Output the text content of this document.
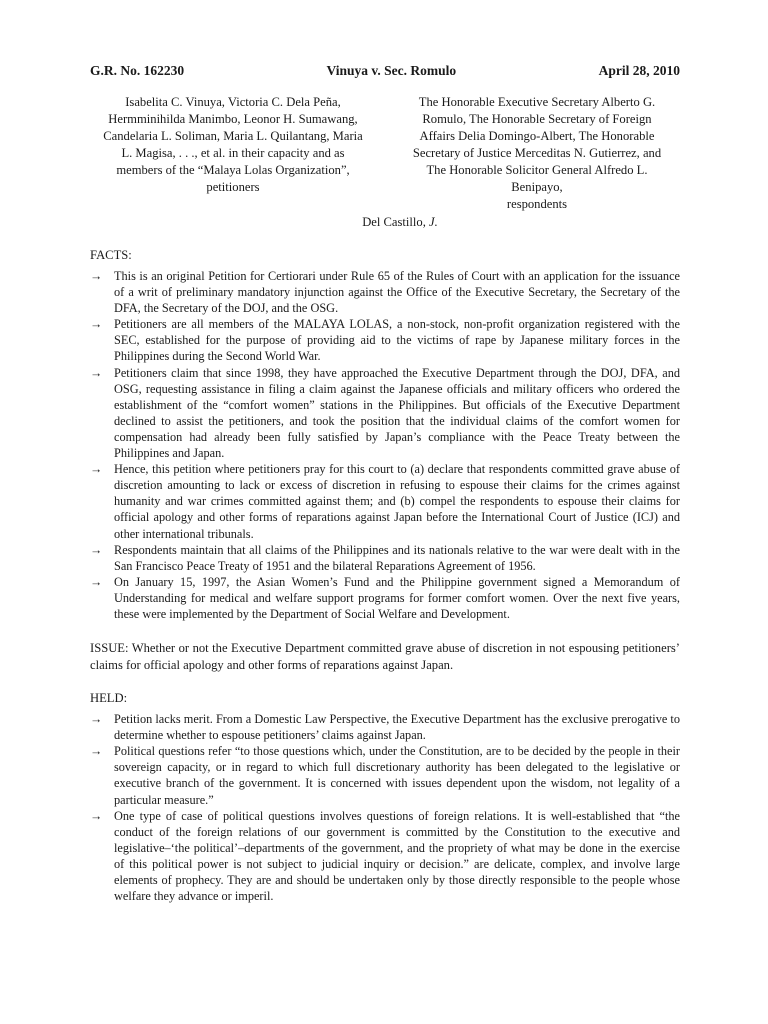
G.R. No. 162230	Vinuya v. Sec. Romulo	April 28, 2010
Isabelita C. Vinuya, Victoria C. Dela Peña,
Hermminihilda Manimbo, Leonor H. Sumawang,
Candelaria L. Soliman, Maria L. Quilantang, Maria
L. Magisa, . . ., et al. in their capacity and as
members of the “Malaya Lolas Organization”,
petitioners
The Honorable Executive Secretary Alberto G.
Romulo, The Honorable Secretary of Foreign
Affairs Delia Domingo-Albert, The Honorable
Secretary of Justice Merceditas N. Gutierrez, and
The Honorable Solicitor General Alfredo L.
Benipayo,
respondents
Del Castillo, J.
FACTS:
→ This is an original Petition for Certiorari under Rule 65 of the Rules of Court with an application for the issuance of a writ of preliminary mandatory injunction against the Office of the Executive Secretary, the Secretary of the DFA, the Secretary of the DOJ, and the OSG.
→ Petitioners are all members of the MALAYA LOLAS, a non-stock, non-profit organization registered with the SEC, established for the purpose of providing aid to the victims of rape by Japanese military forces in the Philippines during the Second World War.
→ Petitioners claim that since 1998, they have approached the Executive Department through the DOJ, DFA, and OSG, requesting assistance in filing a claim against the Japanese officials and military officers who ordered the establishment of the “comfort women” stations in the Philippines. But officials of the Executive Department declined to assist the petitioners, and took the position that the individual claims of the comfort women for compensation had already been fully satisfied by Japan’s compliance with the Peace Treaty between the Philippines and Japan.
→ Hence, this petition where petitioners pray for this court to (a) declare that respondents committed grave abuse of discretion amounting to lack or excess of discretion in refusing to espouse their claims for the crimes against humanity and war crimes committed against them; and (b) compel the respondents to espouse their claims for official apology and other forms of reparations against Japan before the International Court of Justice (ICJ) and other international tribunals.
→ Respondents maintain that all claims of the Philippines and its nationals relative to the war were dealt with in the San Francisco Peace Treaty of 1951 and the bilateral Reparations Agreement of 1956.
→ On January 15, 1997, the Asian Women’s Fund and the Philippine government signed a Memorandum of Understanding for medical and welfare support programs for former comfort women. Over the next five years, these were implemented by the Department of Social Welfare and Development.
ISSUE: Whether or not the Executive Department committed grave abuse of discretion in not espousing petitioners’ claims for official apology and other forms of reparations against Japan.
HELD:
→ Petition lacks merit. From a Domestic Law Perspective, the Executive Department has the exclusive prerogative to determine whether to espouse petitioners’ claims against Japan.
→ Political questions refer “to those questions which, under the Constitution, are to be decided by the people in their sovereign capacity, or in regard to which full discretionary authority has been delegated to the legislative or executive branch of the government. It is concerned with issues dependent upon the wisdom, not legality of a particular measure.”
→ One type of case of political questions involves questions of foreign relations. It is well-established that “the conduct of the foreign relations of our government is committed by the Constitution to the executive and legislative–‘the political’–departments of the government, and the propriety of what may be done in the exercise of this political power is not subject to judicial inquiry or decision.” are delicate, complex, and involve large elements of prophecy. They are and should be undertaken only by those directly responsible to the people whose welfare they advance or imperil.
